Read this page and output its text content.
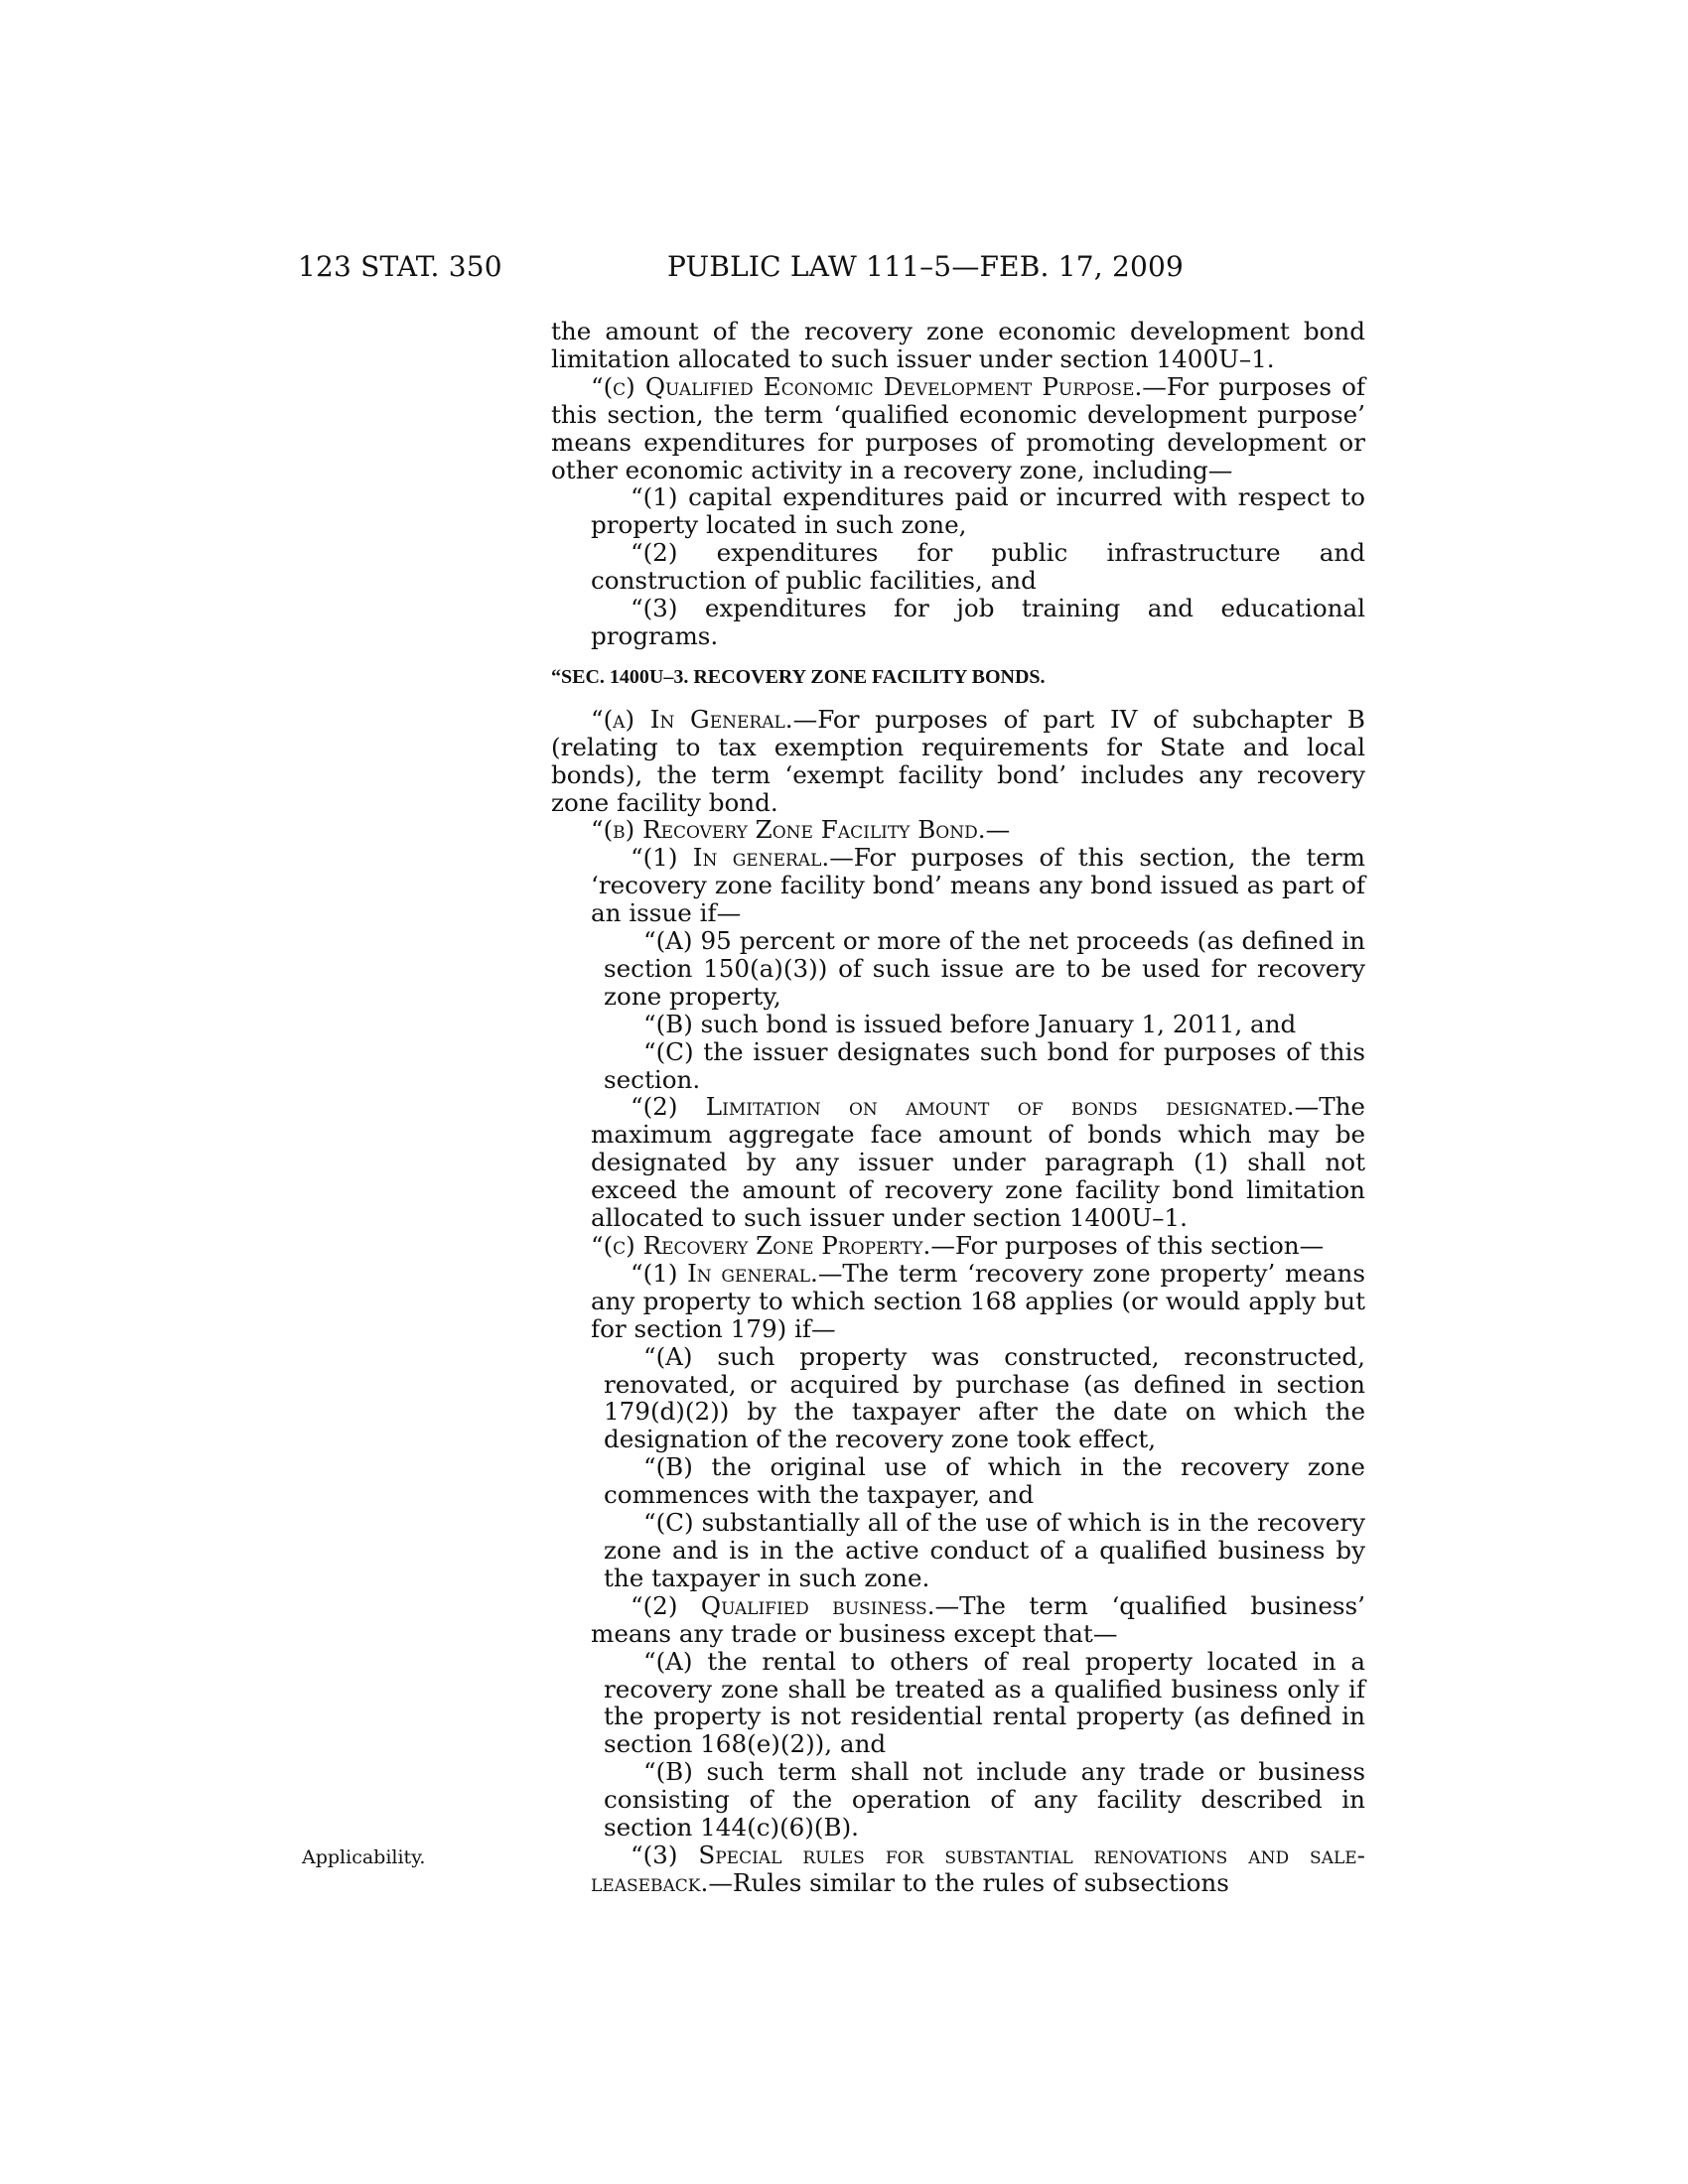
123 STAT. 350	PUBLIC LAW 111–5—FEB. 17, 2009
Applicability.

the amount of the recovery zone economic development bond limitation allocated to such issuer under section 1400U–1.

“(c) Qualified Economic Development Purpose.—For purposes of this section, the term ‘qualified economic development purpose’ means expenditures for purposes of promoting development or other economic activity in a recovery zone, including—

“(1) capital expenditures paid or incurred with respect to property located in such zone,

“(2) expenditures for public infrastructure and construction of public facilities, and

“(3) expenditures for job training and educational programs.

“SEC. 1400U–3. RECOVERY ZONE FACILITY BONDS.

“(a) In General.—For purposes of part IV of subchapter B (relating to tax exemption requirements for State and local bonds), the term ‘exempt facility bond’ includes any recovery zone facility bond.

“(b) Recovery Zone Facility Bond.—

“(1) In general.—For purposes of this section, the term ‘recovery zone facility bond’ means any bond issued as part of an issue if—

“(A) 95 percent or more of the net proceeds (as defined in section 150(a)(3)) of such issue are to be used for recovery zone property,

“(B) such bond is issued before January 1, 2011, and

“(C) the issuer designates such bond for purposes of this section.

“(2) Limitation on amount of bonds designated.—The maximum aggregate face amount of bonds which may be designated by any issuer under paragraph (1) shall not exceed the amount of recovery zone facility bond limitation allocated to such issuer under section 1400U–1.

“(c) Recovery Zone Property.—For purposes of this section—

“(1) In general.—The term ‘recovery zone property’ means any property to which section 168 applies (or would apply but for section 179) if—

“(A) such property was constructed, reconstructed, renovated, or acquired by purchase (as defined in section 179(d)(2)) by the taxpayer after the date on which the designation of the recovery zone took effect,

“(B) the original use of which in the recovery zone commences with the taxpayer, and

“(C) substantially all of the use of which is in the recovery zone and is in the active conduct of a qualified business by the taxpayer in such zone.

“(2) Qualified business.—The term ‘qualified business’ means any trade or business except that—

“(A) the rental to others of real property located in a recovery zone shall be treated as a qualified business only if the property is not residential rental property (as defined in section 168(e)(2)), and

“(B) such term shall not include any trade or business consisting of the operation of any facility described in section 144(c)(6)(B).

“(3) Special rules for substantial renovations and sale-leaseback.—Rules similar to the rules of subsections
